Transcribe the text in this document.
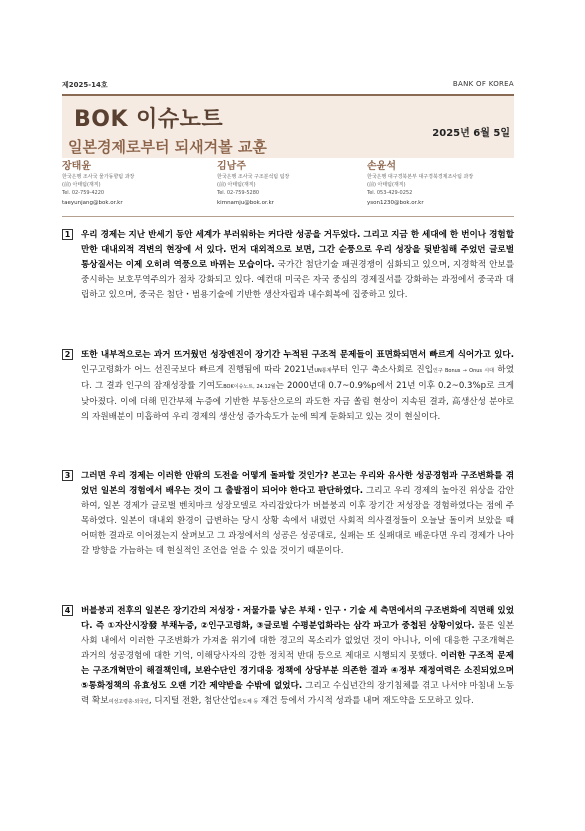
제2025-14호	BANK OF KOREA
BOK 이슈노트
2025년 6월 5일
일본경제로부터 되새겨볼 교훈
장태윤
한국은행 조사국 물가동향팀 과장
(前) 아태팀(재직)
Tel. 02-759-4220
taeyunjang@bok.or.kr
김남주
한국은행 조사국 구조분석팀 팀장
(前) 아태팀(재직)
Tel. 02-759-5280
kimnamju@bok.or.kr
손윤석
한국은행 대구경북본부 대구경북경제조사팀 과장
(前) 아태팀(재직)
Tel. 053-429-0252
yson1230@bok.or.kr
1	우리 경제는 지난 반세기 동안 세계가 부러워하는 커다란 성공을 거두었다. 그리고 지금 한 세대에 한 번이나 경험할 만한 대내외적 격변의 현장에 서 있다. 먼저 대외적으로 보면, 그간 순풍으로 우리 성장을 뒷받침해 주었던 글로벌 통상질서는 이제 오히려 역풍으로 바뀌는 모습이다. 국가간 첨단기술 패권경쟁이 심화되고 있으며, 지경학적 안보를 중시하는 보호무역주의가 점차 강화되고 있다. 예컨대 미국은 자국 중심의 경제질서를 강화하는 과정에서 중국과 대립하고 있으며, 중국은 첨단・범용기술에 기반한 생산자립과 내수회복에 집중하고 있다.

2	또한 내부적으로는 과거 뜨거웠던 성장엔진이 장기간 누적된 구조적 문제들이 표면화되면서 빠르게 식어가고 있다. 인구고령화가 어느 선진국보다 빠르게 진행됨에 따라 2021년UN통계부터 인구 축소사회로 진입인구 Bonus → Onus 시대 하였다. 그 결과 인구의 잠재성장률 기여도BOK이슈노트, 24.12월는 2000년대 0.7~0.9%p에서 21년 이후 0.2~0.3%p로 크게 낮아졌다. 이에 더해 민간부채 누증에 기반한 부동산으로의 과도한 자금 쏠림 현상이 지속된 결과, 高생산성 분야로의 자원배분이 미흡하여 우리 경제의 생산성 증가속도가 눈에 띄게 둔화되고 있는 것이 현실이다.

3	그러면 우리 경제는 이러한 안팎의 도전을 어떻게 돌파할 것인가? 본고는 우리와 유사한 성공경험과 구조변화를 겪었던 일본의 경험에서 배우는 것이 그 출발점이 되어야 한다고 판단하였다. 그리고 우리 경제의 높아진 위상을 감안하여, 일본 경제가 글로벌 벤치마크 성장모델로 자리잡았다가 버블붕괴 이후 장기간 저성장을 경험하였다는 점에 주목하였다. 일본이 대내외 환경이 급변하는 당시 상황 속에서 내렸던 사회적 의사결정들이 오늘날 돌이켜 보았을 때 어떠한 결과로 이어졌는지 살펴보고 그 과정에서의 성공은 성공대로, 실패는 또 실패대로 배운다면 우리 경제가 나아갈 방향을 가늠하는 데 현실적인 조언을 얻을 수 있을 것이기 때문이다.

4	버블붕괴 전후의 일본은 장기간의 저성장・저물가를 낳은 부채・인구・기술 세 측면에서의 구조변화에 직면해 있었다. 즉 ①자산시장發 부채누증, ②인구고령화, ③글로벌 수평분업화라는 삼각 파고가 중첩된 상황이었다. 물론 일본사회 내에서 이러한 구조변화가 가져올 위기에 대한 경고의 목소리가 없었던 것이 아니나, 이에 대응한 구조개혁은 과거의 성공경험에 대한 기억, 이해당사자의 강한 정치적 반대 등으로 제대로 시행되지 못했다. 이러한 구조적 문제는 구조개혁만이 해결책인데, 보완수단인 경기대응 정책에 상당부분 의존한 결과 ④정부 재정여력은 소진되었으며 ⑤통화정책의 유효성도 오랜 기간 제약받을 수밖에 없었다. 그리고 수십년간의 장기침체를 겪고 나서야 마침내 노동력 확보여성고령층·외국인, 디지털 전환, 첨단산업반도체 등 재건 등에서 가시적 성과를 내며 재도약을 도모하고 있다.
